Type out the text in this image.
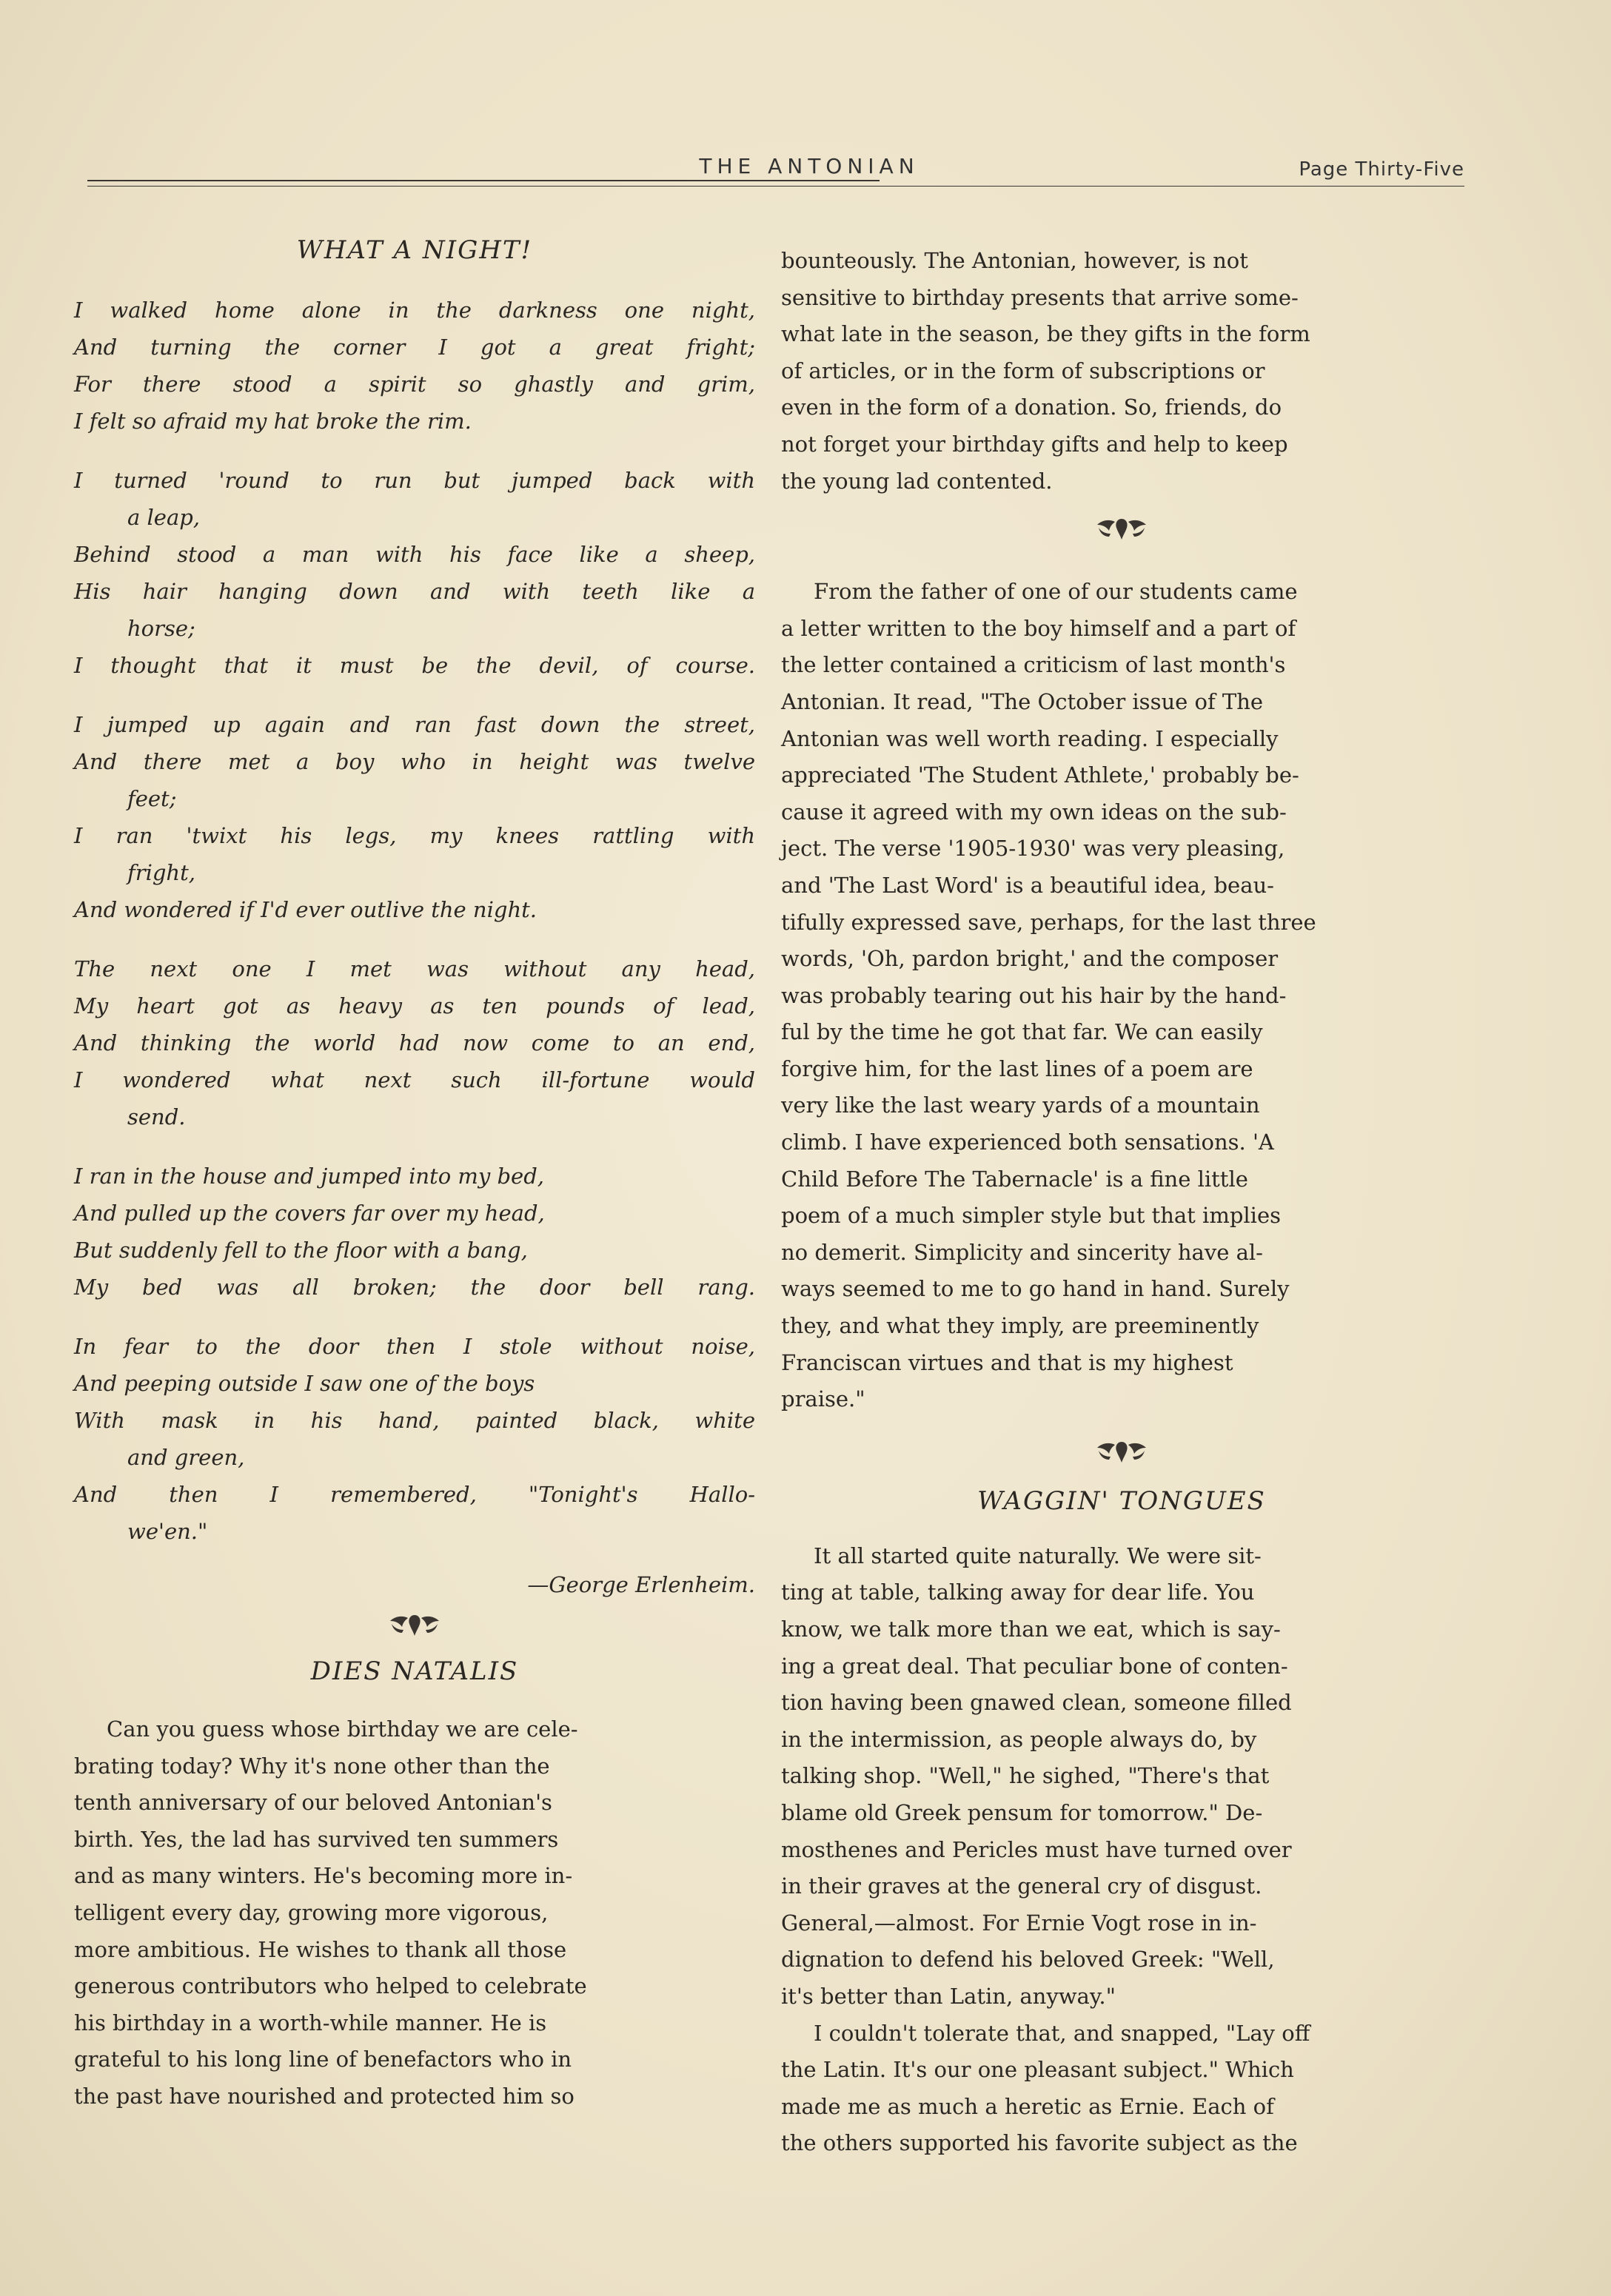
THE ANTONIAN	Page Thirty-Five
WHAT A NIGHT!
I walked home alone in the darkness one night,
And turning the corner I got a great fright;
For there stood a spirit so ghastly and grim,
I felt so afraid my hat broke the rim.
I turned 'round to run but jumped back with
a leap,
Behind stood a man with his face like a sheep,
His hair hanging down and with teeth like a
horse;
I thought that it must be the devil, of course.
I jumped up again and ran fast down the street,
And there met a boy who in height was twelve
feet;
I ran 'twixt his legs, my knees rattling with
fright,
And wondered if I'd ever outlive the night.
The next one I met was without any head,
My heart got as heavy as ten pounds of lead,
And thinking the world had now come to an end,
I wondered what next such ill-fortune would
send.
I ran in the house and jumped into my bed,
And pulled up the covers far over my head,
But suddenly fell to the floor with a bang,
My bed was all broken; the door bell rang.
In fear to the door then I stole without noise,
And peeping outside I saw one of the boys
With mask in his hand, painted black, white
and green,
And then I remembered, "Tonight's Hallo-
we'en."
—George Erlenheim.
DIES NATALIS

Can you guess whose birthday we are cele-

brating today? Why it's none other than the

tenth anniversary of our beloved Antonian's

birth. Yes, the lad has survived ten summers

and as many winters. He's becoming more in-

telligent every day, growing more vigorous,

more ambitious. He wishes to thank all those

generous contributors who helped to celebrate

his birthday in a worth-while manner. He is

grateful to his long line of benefactors who in

the past have nourished and protected him so

bounteously. The Antonian, however, is not

sensitive to birthday presents that arrive some-

what late in the season, be they gifts in the form

of articles, or in the form of subscriptions or

even in the form of a donation. So, friends, do

not forget your birthday gifts and help to keep

the young lad contented.

From the father of one of our students came

a letter written to the boy himself and a part of

the letter contained a criticism of last month's

Antonian. It read, "The October issue of The

Antonian was well worth reading. I especially

appreciated 'The Student Athlete,' probably be-

cause it agreed with my own ideas on the sub-

ject. The verse '1905-1930' was very pleasing,

and 'The Last Word' is a beautiful idea, beau-

tifully expressed save, perhaps, for the last three

words, 'Oh, pardon bright,' and the composer

was probably tearing out his hair by the hand-

ful by the time he got that far. We can easily

forgive him, for the last lines of a poem are

very like the last weary yards of a mountain

climb. I have experienced both sensations. 'A

Child Before The Tabernacle' is a fine little

poem of a much simpler style but that implies

no demerit. Simplicity and sincerity have al-

ways seemed to me to go hand in hand. Surely

they, and what they imply, are preeminently

Franciscan virtues and that is my highest

praise."

WAGGIN' TONGUES

It all started quite naturally. We were sit-

ting at table, talking away for dear life. You

know, we talk more than we eat, which is say-

ing a great deal. That peculiar bone of conten-

tion having been gnawed clean, someone filled

in the intermission, as people always do, by

talking shop. "Well," he sighed, "There's that

blame old Greek pensum for tomorrow." De-

mosthenes and Pericles must have turned over

in their graves at the general cry of disgust.

General,—almost. For Ernie Vogt rose in in-

dignation to defend his beloved Greek: "Well,

it's better than Latin, anyway."

I couldn't tolerate that, and snapped, "Lay off

the Latin. It's our one pleasant subject." Which

made me as much a heretic as Ernie. Each of

the others supported his favorite subject as the
